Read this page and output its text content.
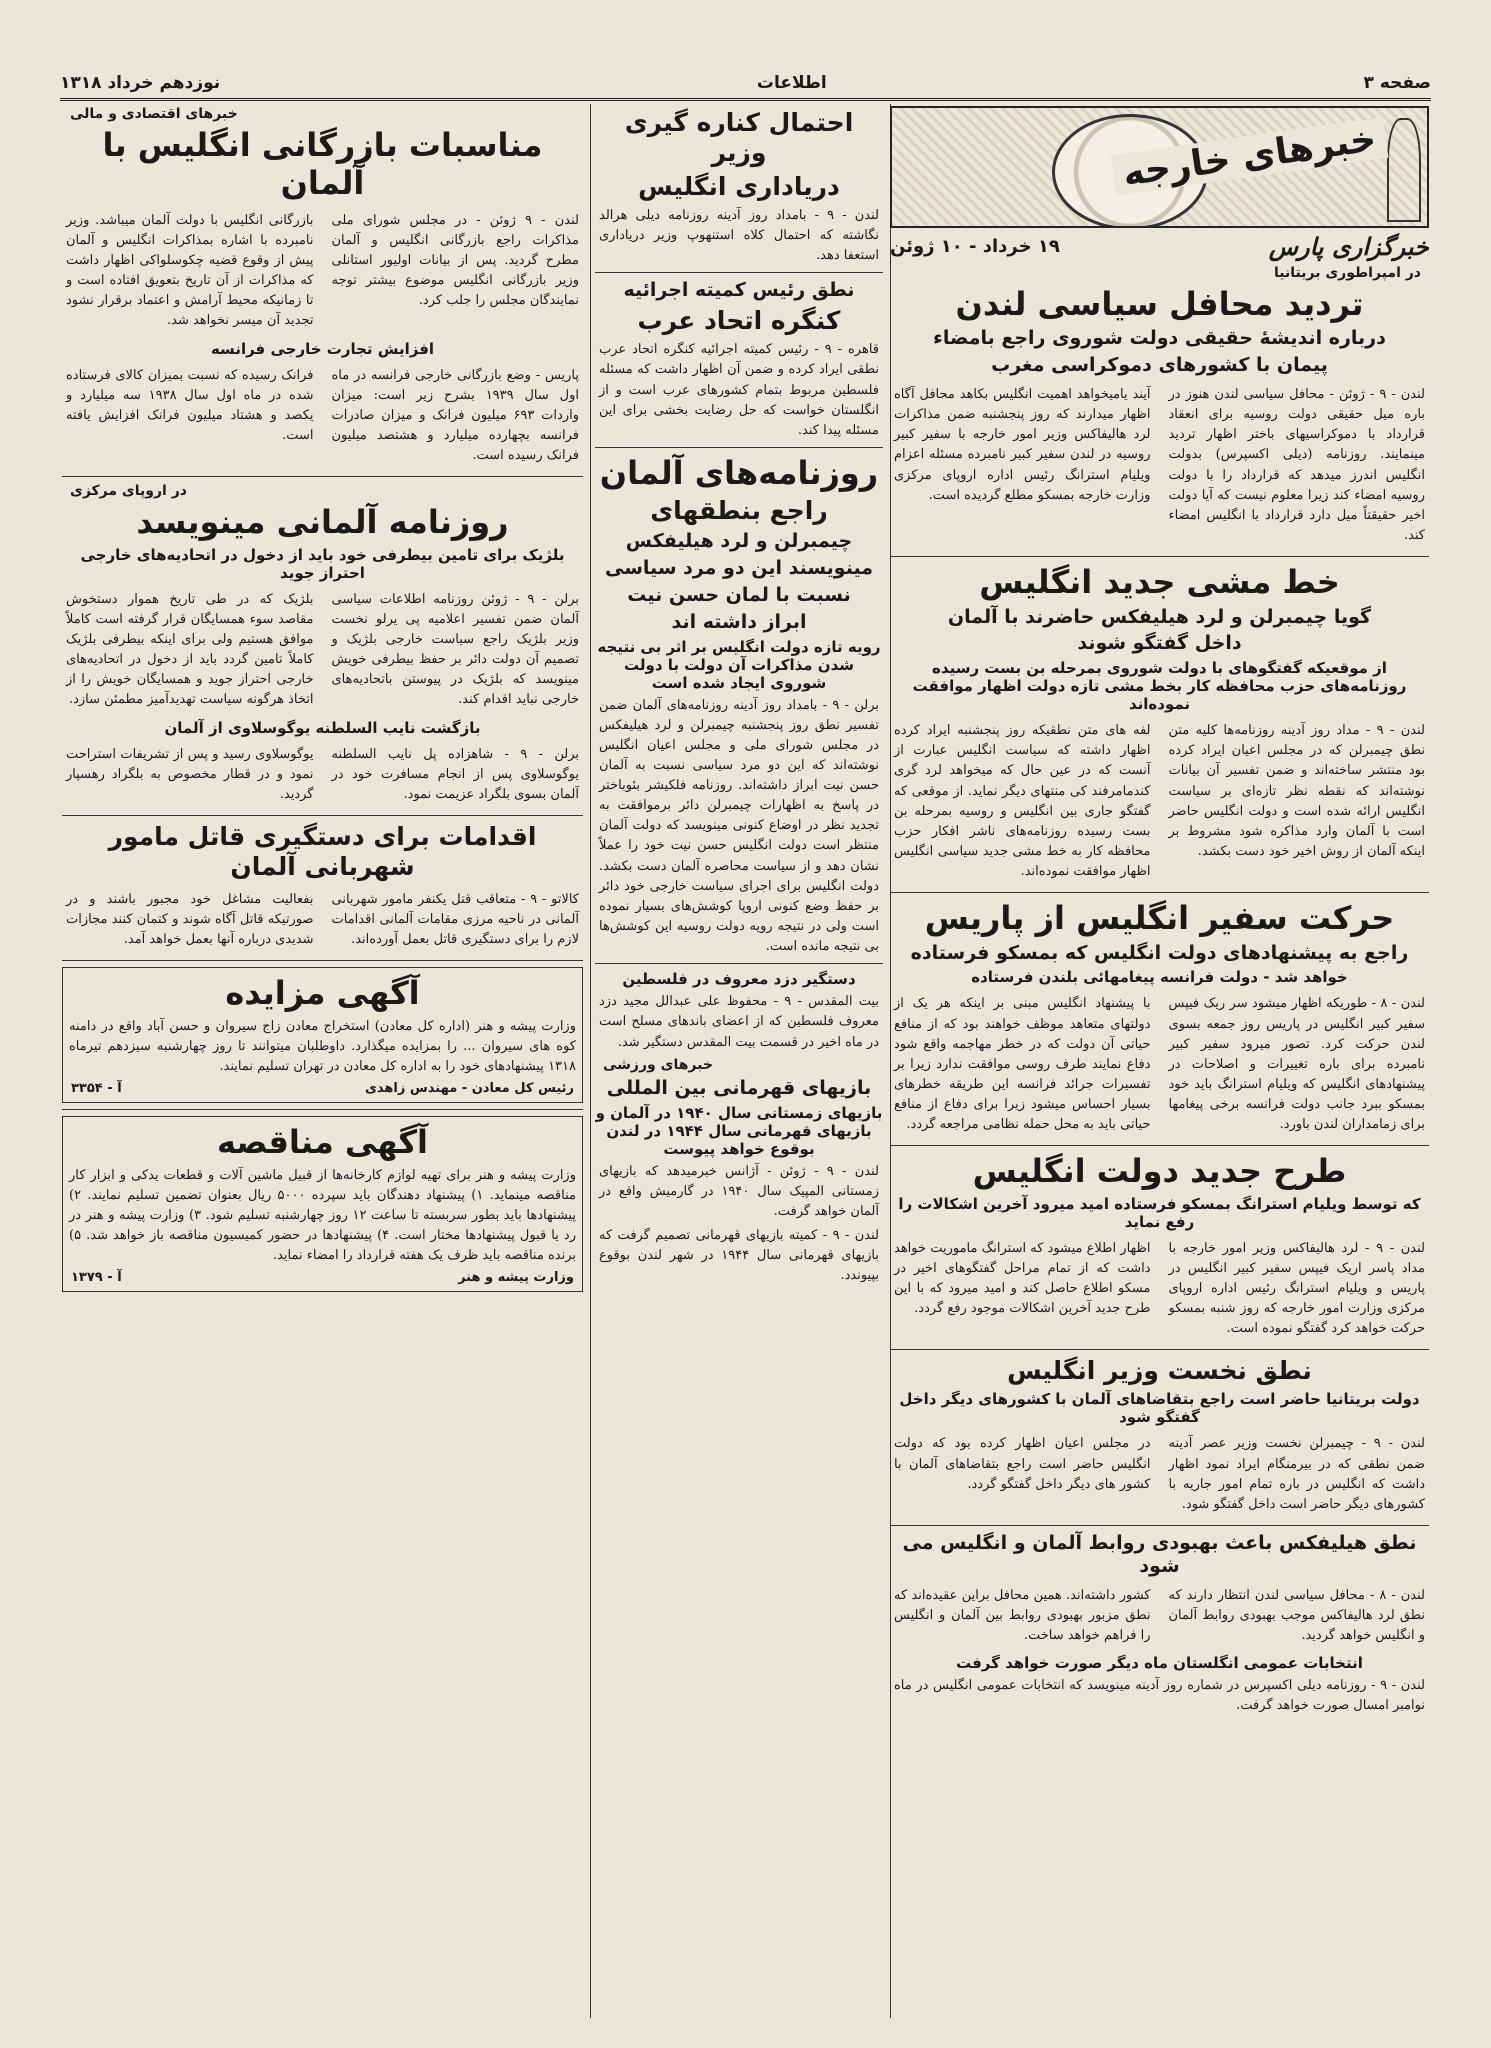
صفحه ۳
اطلاعات
نوزدهم خرداد ۱۳۱۸
خبرهای خارجه
خبرگزاری پارس
۱۹ خرداد - ۱۰ ژوئن
در امپراطوری بریتانیا
تردید محافل سیاسی لندن
درباره اندیشهٔ حقیقی دولت شوروی راجع بامضاء
پیمان با کشورهای دموکراسی مغرب
لندن - ۹ - ژوئن - محافل سیاسی لندن هنوز در باره میل حقیقی دولت روسیه برای انعقاد قرارداد با دموکراسیهای باختر اظهار تردید مینمایند. روزنامه (دیلی اکسپرس) بدولت انگلیس اندرز میدهد که قرارداد را با دولت روسیه امضاء کند زیرا معلوم نیست که آیا دولت اخیر حقیقتاً میل دارد قرارداد با انگلیس امضاء کند.
آیند یامیخواهد اهمیت انگلیس بکاهد محافل آگاه اظهار میدارند که روز پنجشنبه ضمن مذاکرات لرد هالیفاکس وزیر امور خارجه با سفیر کبیر روسیه در لندن سفیر کبیر نامبرده مسئله اعزام ویلیام استرانگ رئیس اداره اروپای مرکزی وزارت خارجه بمسکو مطلع گردیده است.
خط مشی جدید انگلیس
گویا چیمبرلن و لرد هیلیفکس حاضرند با آلمان
داخل گفتگو شوند
از موقعیکه گفتگوهای با دولت شوروی بمرحله بن بست رسیده روزنامه‌های حزب محافظه کار بخط مشی تازه دولت اظهار موافقت نموده‌اند
لندن - ۹ - مداد روز آدینه روزنامه‌ها کلیه متن نطق چیمبرلن که در مجلس اعیان ایراد کرده بود منتشر ساخته‌اند و ضمن تفسیر آن بیانات نوشته‌اند که نقطه نظر تازه‌ای بر سیاست انگلیس ارائه شده است و دولت انگلیس حاضر است با آلمان وارد مذاکره شود مشروط بر اینکه آلمان از روش اخیر خود دست بکشد.
لفه های متن نطقیکه روز پنجشنبه ایراد کرده اظهار داشته که سیاست انگلیس عبارت از آنست که در عین حال که میخواهد لرد گری کندمامرفند کی منتهای دیگر نماید. از موقعی که گفتگو جاری بین انگلیس و روسیه بمرحله بن بست رسیده روزنامه‌های ناشر افکار حزب محافظه کار به خط مشی جدید سیاسی انگلیس اظهار موافقت نموده‌اند.
حرکت سفیر انگلیس از پاریس
راجع به پیشنهادهای دولت انگلیس که بمسکو فرستاده
خواهد شد - دولت فرانسه پیغامهائی بلندن فرستاده
لندن - ۸ - طوریکه اظهار میشود سر ریک فیپس سفیر کبیر انگلیس در پاریس روز جمعه بسوی لندن حرکت کرد. تصور میرود سفیر کبیر نامبرده برای باره تغییرات و اصلاحات در پیشنهادهای انگلیس که ویلیام استرانگ باید خود بمسکو ببرد جانب دولت فرانسه برخی پیغامها برای زمامداران لندن باورد.
با پیشنهاد انگلیس مبنی بر اینکه هر یک از دولتهای متعاهد موظف خواهند بود که از منافع حیاتی آن دولت که در خطر مهاجمه واقع شود دفاع نمایند طرف روسی موافقت ندارد زیرا بر تفسیرات جرائد فرانسه این طریقه خطرهای بسیار احساس میشود زیرا برای دفاع از منافع حیاتی باید به محل حمله نظامی مراجعه گردد.
طرح جدید دولت انگلیس
که توسط ویلیام استرانگ بمسکو فرستاده امید میرود آخرین اشکالات را رفع نماید
لندن - ۹ - لرد هالیفاکس وزیر امور خارجه با مداد پاسر اریک فیپس سفیر کبیر انگلیس در پاریس و ویلیام استرانگ رئیس اداره اروپای مرکزی وزارت امور خارجه که روز شنبه بمسکو حرکت خواهد کرد گفتگو نموده است.
اظهار اطلاع میشود که استرانگ ماموریت خواهد داشت که از تمام مراحل گفتگوهای اخیر در مسکو اطلاع حاصل کند و امید میرود که با این طرح جدید آخرین اشکالات موجود رفع گردد.
نطق نخست وزیر انگلیس
دولت بریتانیا حاضر است راجع بتقاضاهای آلمان با کشورهای دیگر داخل گفتگو شود
لندن - ۹ - چیمبرلن نخست وزیر عصر آدینه ضمن نطقی که در بیرمنگام ایراد نمود اظهار داشت که انگلیس در باره تمام امور جاریه با کشورهای دیگر حاضر است داخل گفتگو شود.
در مجلس اعیان اظهار کرده بود که دولت انگلیس حاضر است راجع بتقاضاهای آلمان با کشور های دیگر داخل گفتگو گردد.
نطق هیلیفکس باعث بهبودی روابط آلمان و انگلیس می شود
لندن - ۸ - محافل سیاسی لندن انتظار دارند که نطق لرد هالیفاکس موجب بهبودی روابط آلمان و انگلیس خواهد گردید.
کشور داشته‌اند. همین محافل براین عقیده‌اند که نطق مزبور بهبودی روابط بین آلمان و انگلیس را فراهم خواهد ساخت.
انتخابات عمومی انگلستان ماه دیگر صورت خواهد گرفت
لندن - ۹ - روزنامه دیلی اکسپرس در شماره روز آدینه مینویسد که انتخابات عمومی انگلیس در ماه نوامبر امسال صورت خواهد گرفت.
احتمال کناره گیری وزیر
دریاداری انگلیس
لندن - ۹ - بامداد روز آدینه روزنامه دیلی هرالد نگاشته که احتمال کلاه استنهوپ وزیر دریاداری استعفا دهد.
نطق رئیس کمیته اجرائیه
کنگره اتحاد عرب
قاهره - ۹ - رئیس کمیته اجرائیه کنگره اتحاد عرب نطقی ایراد کرده و ضمن آن اظهار داشت که مسئله فلسطین مربوط بتمام کشورهای عرب است و از انگلستان خواست که حل رضایت بخشی برای این مسئله پیدا کند.
روزنامه‌های آلمان
راجع بنطقهای
چیمبرلن و لرد هیلیفکس
مینویسند این دو مرد سیاسی
نسبت با لمان حسن نیت
ابراز داشته اند
رویه تازه دولت انگلیس بر اثر بی نتیجه شدن مذاکرات آن دولت با دولت شوروی ایجاد شده است
برلن - ۹ - بامداد روز آدینه روزنامه‌های آلمان ضمن تفسیر نطق روز پنجشنبه چیمبرلن و لرد هیلیفکس در مجلس شورای ملی و مجلس اعیان انگلیس نوشته‌اند که این دو مرد سیاسی نسبت به آلمان حسن نیت ابراز داشته‌اند. روزنامه فلکیشر بئوباختر در پاسخ به اظهارات چیمبرلن دائر برموافقت به تجدید نظر در اوضاع کنونی مینویسد که دولت آلمان منتظر است دولت انگلیس حسن نیت خود را عملاً نشان دهد و از سیاست محاصره آلمان دست بکشد. دولت انگلیس برای اجرای سیاست خارجی خود دائر بر حفظ وضع کنونی اروپا کوشش‌های بسیار نموده است ولی در نتیجه رویه دولت روسیه این کوشش‌ها بی نتیجه مانده است.
دستگیر دزد معروف در فلسطین
بیت المقدس - ۹ - محفوظ علی عبدالل مجید دزد معروف فلسطین که از اعضای باندهای مسلح است در ماه اخیر در قسمت بیت المقدس دستگیر شد.
خبرهای ورزشی
بازیهای قهرمانی بین المللی
بازیهای زمستانی سال ۱۹۴۰ در آلمان و بازیهای قهرمانی سال ۱۹۴۴ در لندن بوقوع خواهد پیوست
لندن - ۹ - ژوئن - آژانس خبرمیدهد که بازیهای زمستانی المپیک سال ۱۹۴۰ در گارمیش واقع در آلمان خواهد گرفت.
لندن - ۹ - کمیته بازیهای قهرمانی تصمیم گرفت که بازیهای قهرمانی سال ۱۹۴۴ در شهر لندن بوقوع بپیوندد.
خبرهای اقتصادی و مالی
مناسبات بازرگانی انگلیس با آلمان
لندن - ۹ ژوئن - در مجلس شورای ملی مذاکرات راجع بازرگانی انگلیس و آلمان مطرح گردید. پس از بیانات اولیور استانلی وزیر بازرگانی انگلیس موضوع بیشتر توجه نمایندگان مجلس را جلب کرد.
بازرگانی انگلیس با دولت آلمان میباشد. وزیر نامبرده با اشاره بمذاکرات انگلیس و آلمان پیش از وقوع قضیه چکوسلواکی اظهار داشت که مذاکرات از آن تاریخ بتعویق افتاده است و تا زمانیکه محیط آرامش و اعتماد برقرار نشود تجدید آن میسر نخواهد شد.
افزایش تجارت خارجی فرانسه
پاریس - وضع بازرگانی خارجی فرانسه در ماه اول سال ۱۹۳۹ بشرح زیر است: میزان واردات ۶۹۳ میلیون فرانک و میزان صادرات فرانسه بچهارده میلیارد و هشتصد میلیون فرانک رسیده است.
فرانک رسیده که نسبت بمیزان کالای فرستاده شده در ماه اول سال ۱۹۳۸ سه میلیارد و یکصد و هشتاد میلیون فرانک افزایش یافته است.
در اروپای مرکزی
روزنامه آلمانی مینویسد
بلژیک برای تامین بیطرفی خود باید از دخول در اتحادیه‌های خارجی احتراز جوید
برلن - ۹ - ژوئن روزنامه اطلاعات سیاسی آلمان ضمن تفسیر اعلامیه پی یرلو نخست وزیر بلژیک راجع سیاست خارجی بلژیک و تصمیم آن دولت دائر بر حفظ بیطرفی خویش مینویسد که بلژیک در پیوستن باتحادیه‌های خارجی نباید اقدام کند.
بلژیک که در طی تاریخ هموار دستخوش مقاصد سوء همسایگان قرار گرفته است کاملاً موافق هستیم ولی برای اینکه بیطرفی بلژیک کاملاً تامین گردد باید از دخول در اتحادیه‌های خارجی احتراز جوید و همسایگان خویش را از اتخاذ هرگونه سیاست تهدیدآمیز مطمئن سازد.
بازگشت نایب السلطنه یوگوسلاوی از آلمان
برلن - ۹ - شاهزاده پل نایب السلطنه یوگوسلاوی پس از انجام مسافرت خود در آلمان بسوی بلگراد عزیمت نمود.
یوگوسلاوی رسید و پس از تشریفات استراحت نمود و در قطار مخصوص به بلگراد رهسپار گردید.
اقدامات برای دستگیری قاتل مامور شهربانی آلمان
کالاتو - ۹ - متعاقب قتل یکنفر مامور شهربانی آلمانی در ناحیه مرزی مقامات آلمانی اقدامات لازم را برای دستگیری قاتل بعمل آورده‌اند.
بفعالیت مشاغل خود مجبور باشند و در صورتیکه قاتل آگاه شوند و کتمان کنند مجازات شدیدی درباره آنها بعمل خواهد آمد.
آگهی مزایده
وزارت پیشه و هنر (اداره کل معادن) استخراج معادن زاج سیروان و حسن آباد واقع در دامنه کوه های سیروان ... را بمزایده میگذارد. داوطلبان میتوانند تا روز چهارشنبه سیزدهم تیرماه ۱۳۱۸ پیشنهادهای خود را به اداره کل معادن در تهران تسلیم نمایند.
رئیس کل معادن - مهندس زاهدی
آ - ۳۳۵۴
آگهی مناقصه
وزارت پیشه و هنر برای تهیه لوازم کارخانه‌ها از قبیل ماشین آلات و قطعات یدکی و ابزار کار مناقصه مینماید. ۱) پیشنهاد دهندگان باید سپرده ۵۰۰۰ ریال بعنوان تضمین تسلیم نمایند. ۲) پیشنهادها باید بطور سربسته تا ساعت ۱۲ روز چهارشنبه تسلیم شود. ۳) وزارت پیشه و هنر در رد یا قبول پیشنهادها مختار است. ۴) پیشنهادها در حضور کمیسیون مناقصه باز خواهد شد. ۵) برنده مناقصه باید ظرف یک هفته قرارداد را امضاء نماید.
وزارت پیشه و هنر
آ - ۱۳۷۹
